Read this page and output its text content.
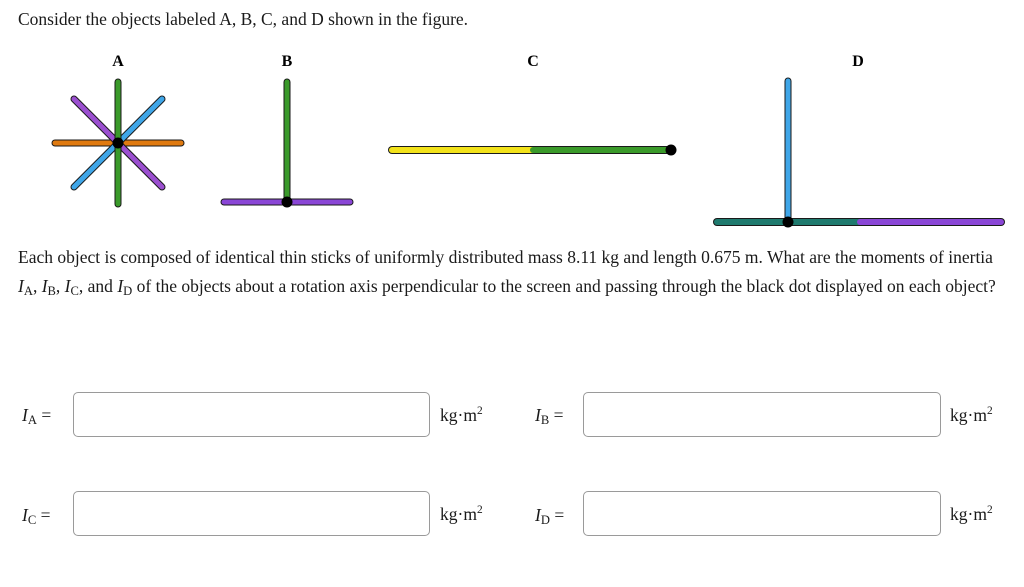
Consider the objects labeled A, B, C, and D shown in the figure.
A	B	C	D
Each object is composed of identical thin sticks of uniformly distributed mass 8.11 kg and length 0.675 m. What are the moments of inertia $I_A$, $I_B$, $I_C$, and $I_D$ of the objects about a rotation axis perpendicular to the screen and passing through the black dot displayed on each object?
$I_A$ =	$kg\cdot m^2$	$I_B$ =	$kg\cdot m^2$
$I_C$ =	$kg\cdot m^2$	$I_D$ =	$kg\cdot m^2$
